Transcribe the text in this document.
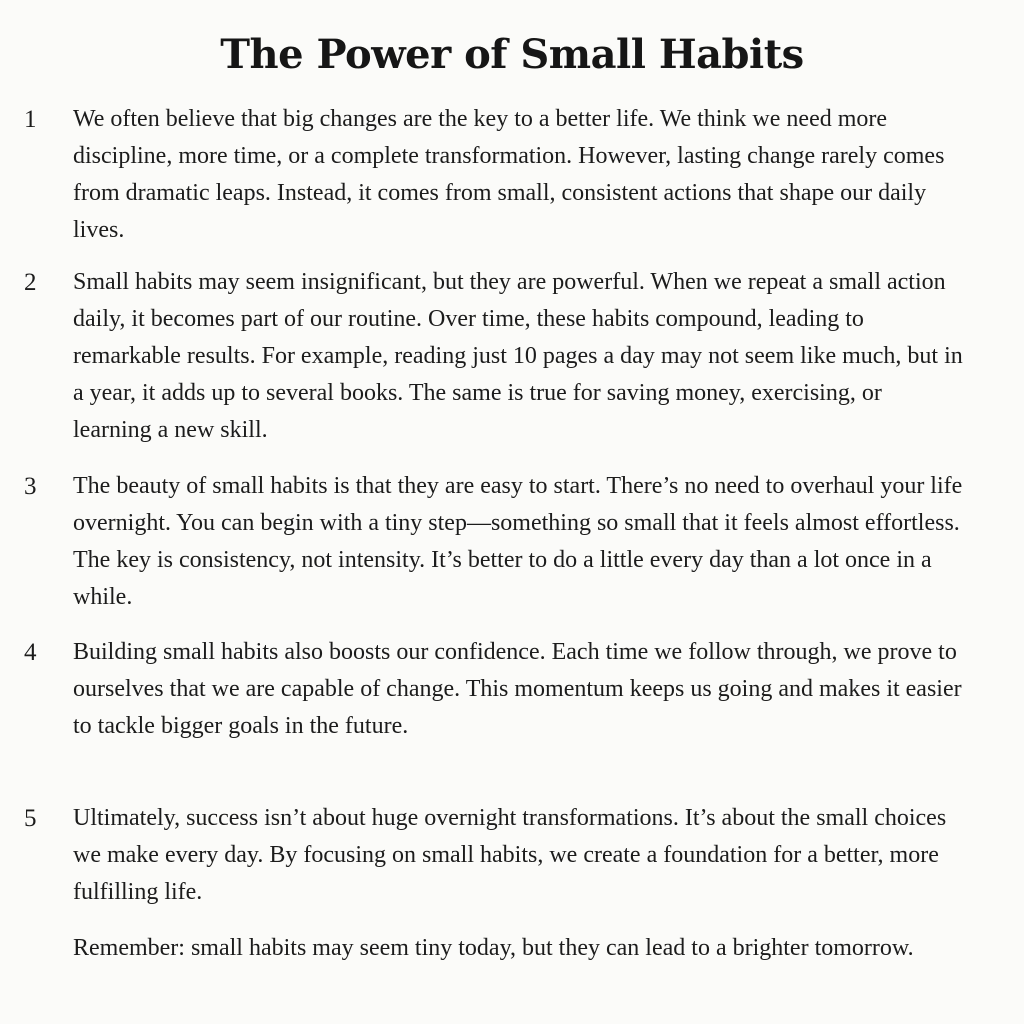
The Power of Small Habits
1	We often believe that big changes are the key to a better life. We think we need more discipline, more time, or a complete transformation. However, lasting change rarely comes from dramatic leaps. Instead, it comes from small, consistent actions that shape our daily lives.

2	Small habits may seem insignificant, but they are powerful. When we repeat a small action daily, it becomes part of our routine. Over time, these habits compound, leading to remarkable results. For example, reading just 10 pages a day may not seem like much, but in a year, it adds up to several books. The same is true for saving money, exercising, or learning a new skill.

3	The beauty of small habits is that they are easy to start. There’s no need to overhaul your life overnight. You can begin with a tiny step—something so small that it feels almost effortless. The key is consistency, not intensity. It’s better to do a little every day than a lot once in a while.

4	Building small habits also boosts our confidence. Each time we follow through, we prove to ourselves that we are capable of change. This momentum keeps us going and makes it easier to tackle bigger goals in the future.

5	Ultimately, success isn’t about huge overnight transformations. It’s about the small choices we make every day. By focusing on small habits, we create a foundation for a better, more fulfilling life.

Remember: small habits may seem tiny today, but they can lead to a brighter tomorrow.
